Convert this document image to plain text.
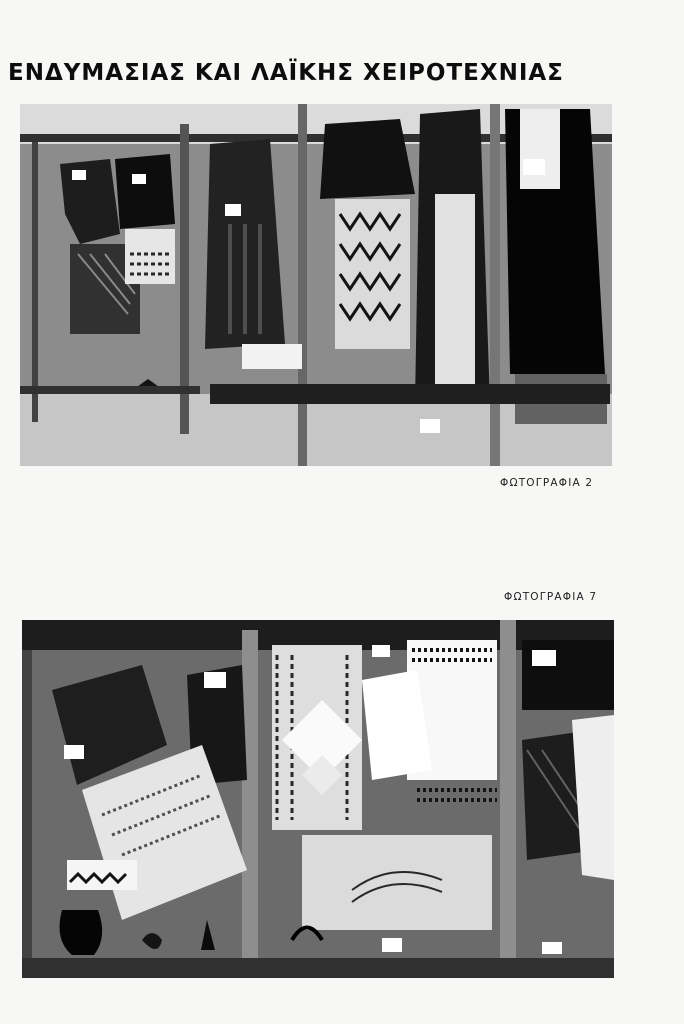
ΕΝΔΥΜΑΣΙΑΣ ΚΑΙ ΛΑΪΚΗΣ ΧΕΙΡΟΤΕΧΝΙΑΣ
ΦΩΤΟΓΡΑΦΙΑ 2
ΦΩΤΟΓΡΑΦΙΑ 7
